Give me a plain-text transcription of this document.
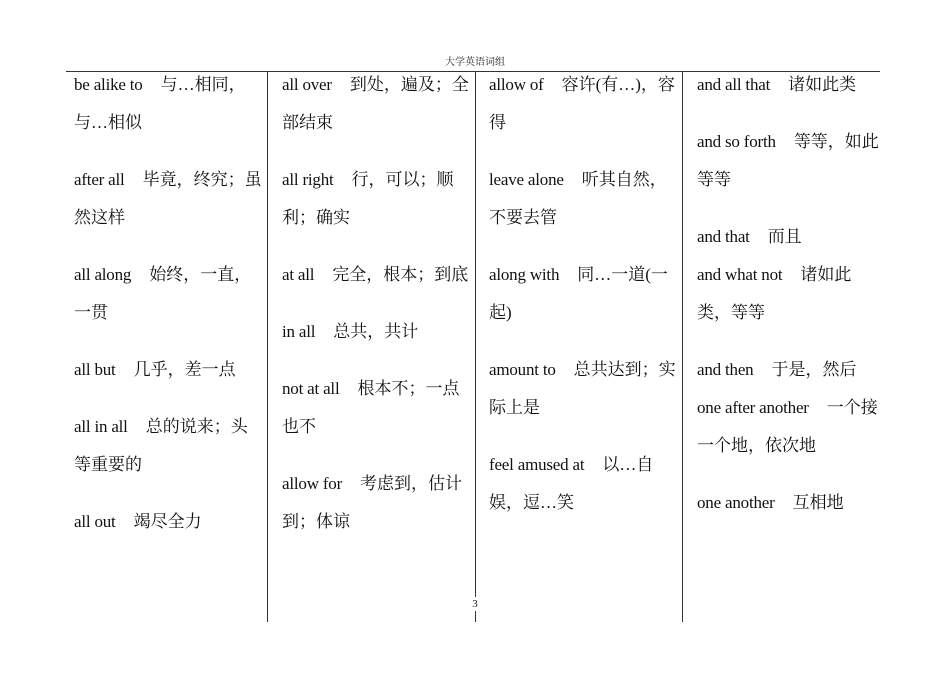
大学英语词组
be alike to 与…相同，与…相似
after all 毕竟，终究；虽然这样
all along 始终，一直，一贯
all but 几乎，差一点
all in all 总的说来；头等重要的
all out 竭尽全力
all over 到处，遍及；全部结束
all right 行，可以；顺利；确实
at all 完全，根本；到底
in all 总共，共计
not at all 根本不；一点也不
allow for 考虑到，估计到；体谅
allow of 容许(有…)，容得
leave alone 听其自然，不要去管
along with 同…一道(一起)
amount to 总共达到；实际上是
feel amused at 以…自娱，逗…笑
and all that 诸如此类
and so forth 等等，如此等等
and that 而且
and what not 诸如此类，等等
and then 于是，然后
one after another 一个接一个地，依次地
one another 互相地
3
